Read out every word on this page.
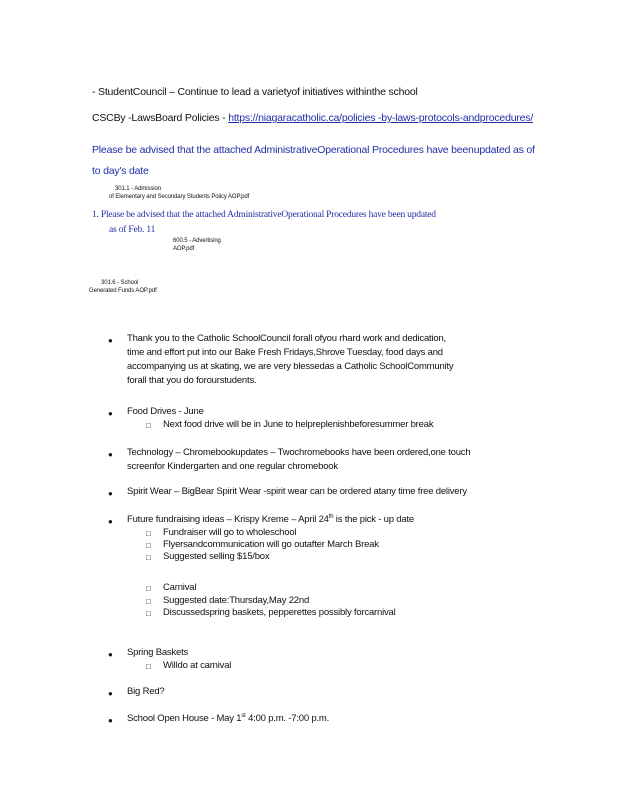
- StudentCouncil – Continue to lead a varietyof initiatives withinthe school
CSCBy -LawsBoard Policies - https://niagaracatholic.ca/policies -by-laws-protocols-andprocedures/
Please be advised that the attached AdministrativeOperational Procedures have beenupdated as of
to day's date
301.1 - Admission
of Elementary and Secondary Students Policy AOP.pdf
1. Please be advised that the attached AdministrativeOperational Procedures have been updated
as of Feb. 11
600.5 - Advertising
AOP.pdf
301.6 - School
Generated Funds AOP.pdf
● Thank you to the Catholic SchoolCouncil forall ofyou rhard work and dedication,
time and effort put into our Bake Fresh Fridays,Shrove Tuesday, food days and
accompanying us at skating, we are very blessedas a Catholic SchoolCommunity
forall that you do forourstudents.
● Food Drives - June
□ Next food drive will be in June to helpreplenishbeforesummer break
● Technology – Chromebookupdates – Twochromebooks have been ordered,one touch
screenfor Kindergarten and one regular chromebook
● Spirit Wear – BigBear Spirit Wear -spirit wear can be ordered atany time free delivery
● Future fundraising ideas – Krispy Kreme – April 24th is the pick - up date
□ Fundraiser will go to wholeschool
□ Flyersandcommunication will go outafter March Break
□ Suggested selling $15/box
□ Carnival
□ Suggested date:Thursday,May 22nd
□ Discussedspring baskets, pepperettes possibly forcarnival
● Spring Baskets
□ Willdo at carnival
● Big Red?
● School Open House - May 1st 4:00 p.m. -7:00 p.m.
